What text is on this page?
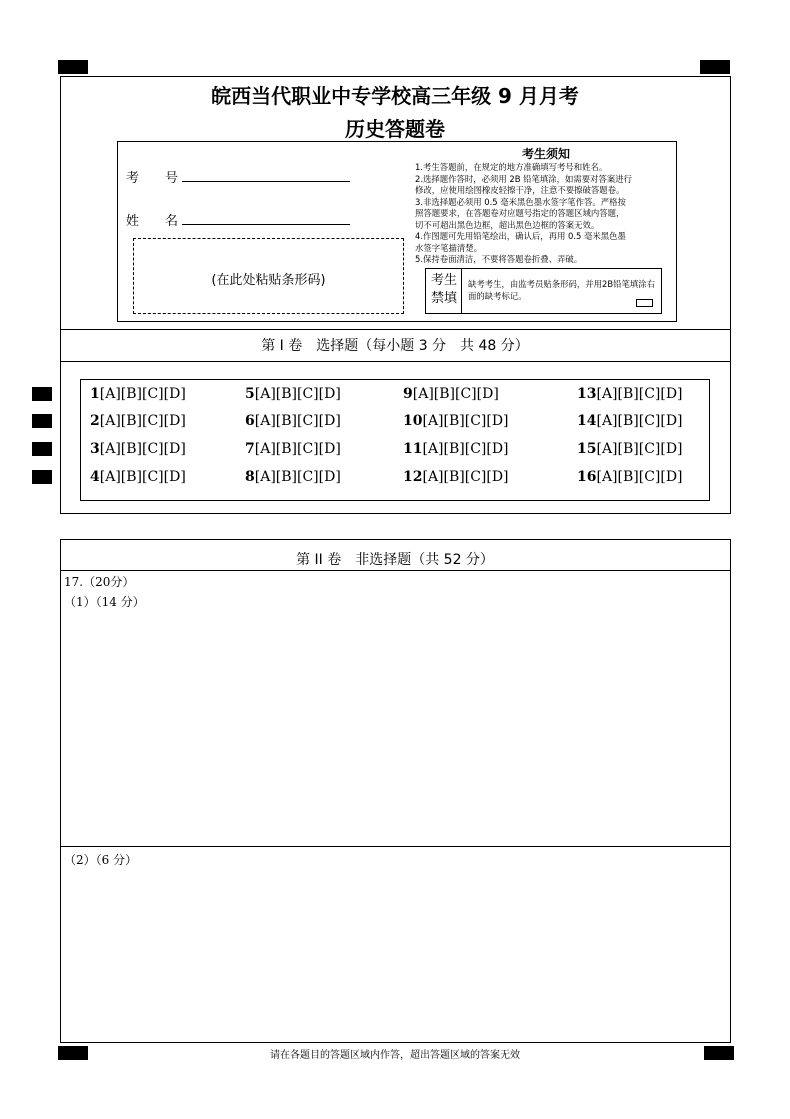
皖西当代职业中专学校高三年级 9 月月考
历史答题卷
考　　号
姓　　名
(在此处粘贴条形码)
考生须知
1.考生答题前，在规定的地方准确填写考号和姓名。
2.选择题作答时，必须用 2B 铅笔填涂，如需要对答案进行
修改，应使用绘图橡皮轻擦干净，注意不要擦破答题卷。
3.非选择题必须用 0.5 毫米黑色墨水签字笔作答。严格按
照答题要求，在答题卷对应题号指定的答题区域内答题，
切不可超出黑色边框，超出黑色边框的答案无效。
4.作图题可先用铅笔绘出，确认后，再用 0.5 毫米黑色墨
水签字笔描清楚。
5.保持卷面清洁，不要将答题卷折叠、弄破。
考生
禁填
缺考考生，由监考员贴条形码，并用2B铅笔填涂右面的缺考标记。
第 I 卷　选择题（每小题 3 分　共 48 分）
1[A][B][C][D]
2[A][B][C][D]
3[A][B][C][D]
4[A][B][C][D]
5[A][B][C][D]
6[A][B][C][D]
7[A][B][C][D]
8[A][B][C][D]
9[A][B][C][D]
10[A][B][C][D]
11[A][B][C][D]
12[A][B][C][D]
13[A][B][C][D]
14[A][B][C][D]
15[A][B][C][D]
16[A][B][C][D]
第 II 卷　非选择题（共 52 分）
17.（20分）
（1）（14 分）
（2）（6 分）
请在各题目的答题区域内作答，超出答题区域的答案无效
